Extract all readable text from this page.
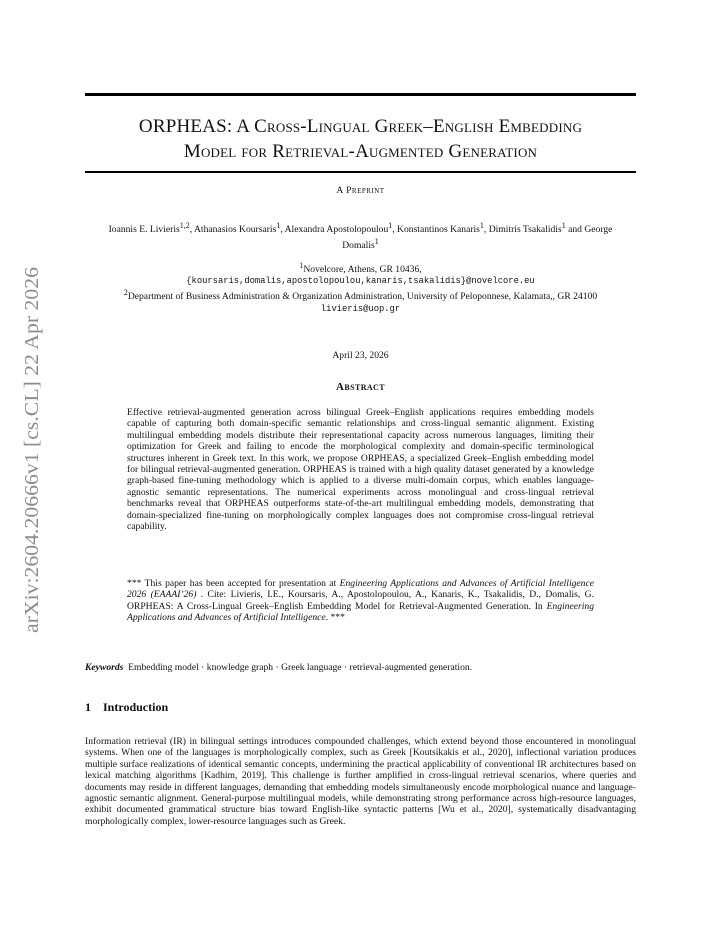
arXiv:2604.20666v1 [cs.CL] 22 Apr 2026
ORPHEAS: A Cross-Lingual Greek–English Embedding
Model for Retrieval-Augmented Generation
A Preprint
Ioannis E. Livieris$^{1,2}$, Athanasios Koursaris$^1$, Alexandra Apostolopoulou$^1$, Konstantinos Kanaris$^1$, Dimitris Tsakalidis$^1$ and George Domalis$^1$
$^1$Novelcore, Athens, GR 10436,
{koursaris,domalis,apostolopoulou,kanaris,tsakalidis}@novelcore.eu
$^2$Department of Business Administration & Organization Administration, University of Peloponnese, Kalamata,, GR 24100 livieris@uop.gr
April 23, 2026
Abstract
Effective retrieval-augmented generation across bilingual Greek–English applications requires embedding models capable of capturing both domain-specific semantic relationships and cross-lingual semantic alignment. Existing multilingual embedding models distribute their representational capacity across numerous languages, limiting their optimization for Greek and failing to encode the morphological complexity and domain-specific terminological structures inherent in Greek text. In this work, we propose ORPHEAS, a specialized Greek–English embedding model for bilingual retrieval-augmented generation. ORPHEAS is trained with a high quality dataset generated by a knowledge graph-based fine-tuning methodology which is applied to a diverse multi-domain corpus, which enables language-agnostic semantic representations. The numerical experiments across monolingual and cross-lingual retrieval benchmarks reveal that ORPHEAS outperforms state-of-the-art multilingual embedding models, demonstrating that domain-specialized fine-tuning on morphologically complex languages does not compromise cross-lingual retrieval capability.
*** This paper has been accepted for presentation at Engineering Applications and Advances of Artificial Intelligence 2026 (EAAAI’26) . Cite: Livieris, I.E., Koursaris, A., Apostolopoulou, A., Kanaris, K., Tsakalidis, D., Domalis, G. ORPHEAS: A Cross-Lingual Greek–English Embedding Model for Retrieval-Augmented Generation. In Engineering Applications and Advances of Artificial Intelligence. ***
Keywords Embedding model · knowledge graph · Greek language · retrieval-augmented generation.
1 Introduction
Information retrieval (IR) in bilingual settings introduces compounded challenges, which extend beyond those encountered in monolingual systems. When one of the languages is morphologically complex, such as Greek [Koutsikakis et al., 2020], inflectional variation produces multiple surface realizations of identical semantic concepts, undermining the practical applicability of conventional IR architectures based on lexical matching algorithms [Kadhim, 2019]. This challenge is further amplified in cross-lingual retrieval scenarios, where queries and documents may reside in different languages, demanding that embedding models simultaneously encode morphological nuance and language-agnostic semantic alignment. General-purpose multilingual models, while demonstrating strong performance across high-resource languages, exhibit documented grammatical structure bias toward English-like syntactic patterns [Wu et al., 2020], systematically disadvantaging morphologically complex, lower-resource languages such as Greek.
